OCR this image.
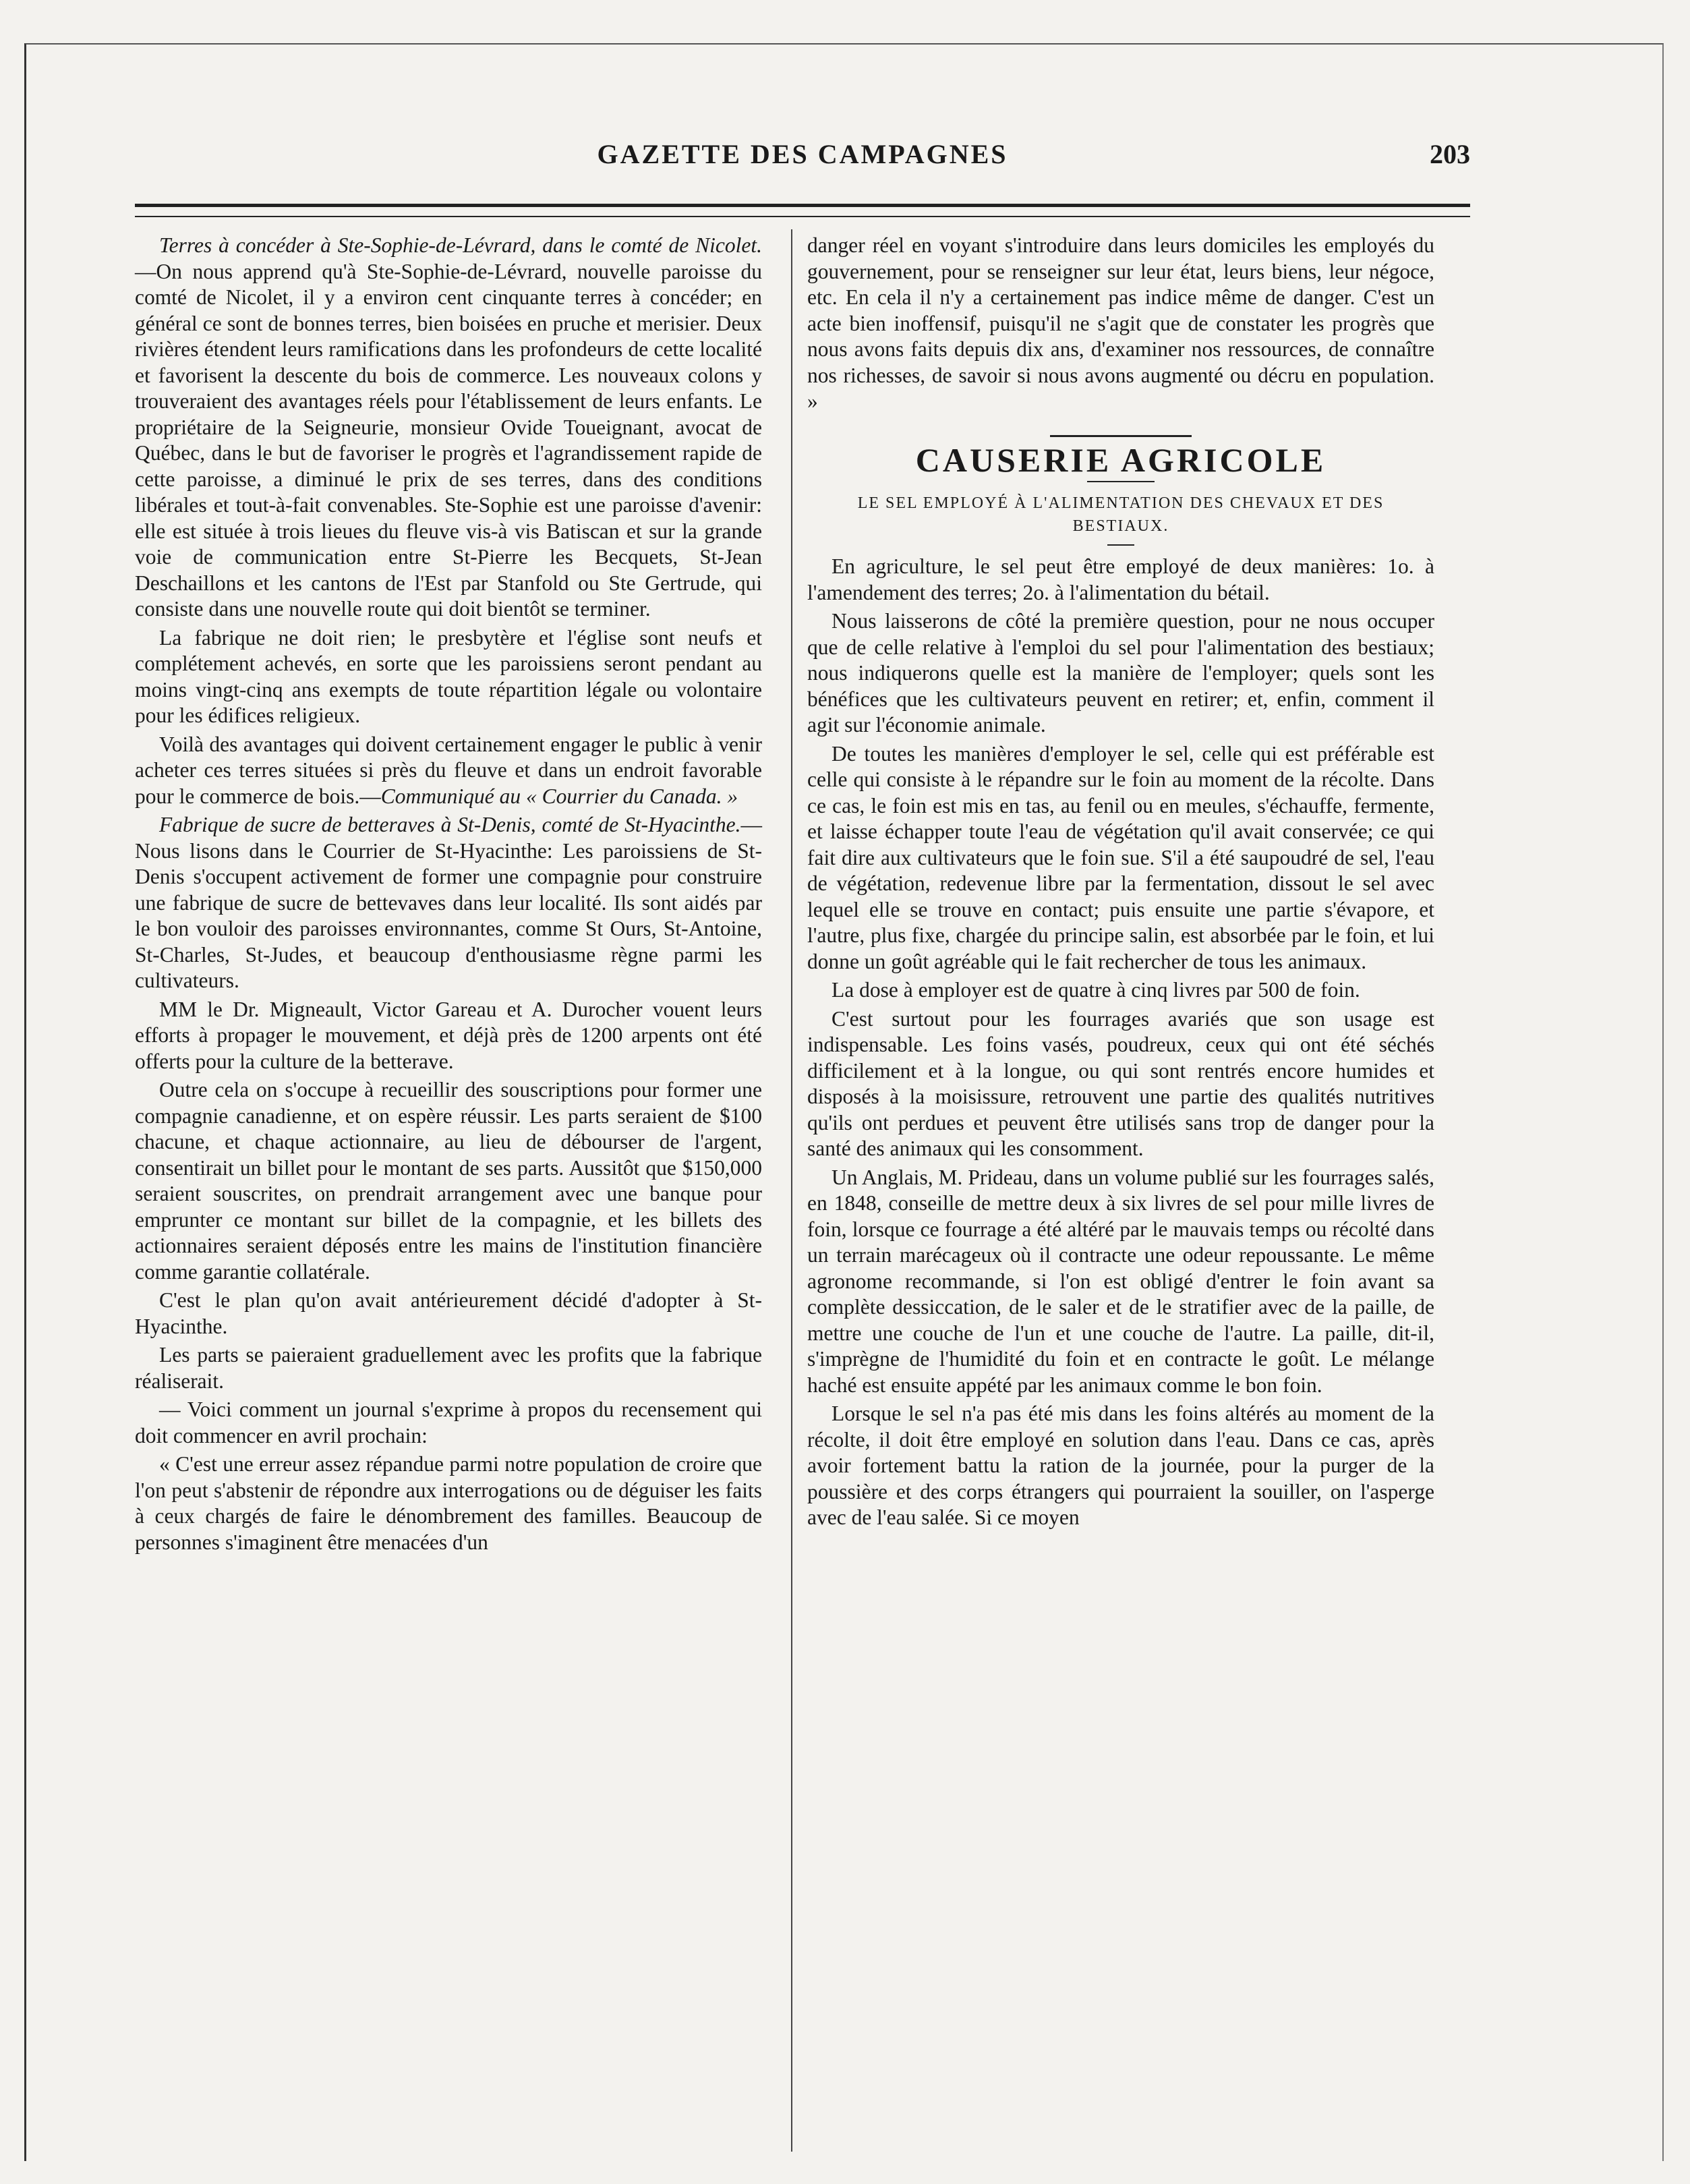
GAZETTE DES CAMPAGNES	203

Terres à concéder à Ste-Sophie-de-Lévrard, dans le comté de Nicolet.—On nous apprend qu'à Ste-Sophie-de-Lévrard, nouvelle paroisse du comté de Nicolet, il y a environ cent cinquante terres à concéder; en général ce sont de bonnes terres, bien boisées en pruche et merisier. Deux rivières étendent leurs ramifications dans les profondeurs de cette localité et favorisent la descente du bois de commerce. Les nouveaux colons y trouveraient des avantages réels pour l'établissement de leurs enfants. Le propriétaire de la Seigneurie, monsieur Ovide Toueignant, avocat de Québec, dans le but de favoriser le progrès et l'agrandissement rapide de cette paroisse, a diminué le prix de ses terres, dans des conditions libérales et tout-à-fait convenables. Ste-Sophie est une paroisse d'avenir: elle est située à trois lieues du fleuve vis-à vis Batiscan et sur la grande voie de communication entre St-Pierre les Becquets, St-Jean Deschaillons et les cantons de l'Est par Stanfold ou Ste Gertrude, qui consiste dans une nouvelle route qui doit bientôt se terminer.

La fabrique ne doit rien; le presbytère et l'église sont neufs et complétement achevés, en sorte que les paroissiens seront pendant au moins vingt-cinq ans exempts de toute répartition légale ou volontaire pour les édifices religieux.

Voilà des avantages qui doivent certainement engager le public à venir acheter ces terres situées si près du fleuve et dans un endroit favorable pour le commerce de bois.—Communiqué au « Courrier du Canada. »

Fabrique de sucre de betteraves à St-Denis, comté de St-Hyacinthe.— Nous lisons dans le Courrier de St-Hyacinthe: Les paroissiens de St-Denis s'occupent activement de former une compagnie pour construire une fabrique de sucre de bettevaves dans leur localité. Ils sont aidés par le bon vouloir des paroisses environnantes, comme St Ours, St-Antoine, St-Charles, St-Judes, et beaucoup d'enthousiasme règne parmi les cultivateurs.

MM le Dr. Migneault, Victor Gareau et A. Durocher vouent leurs efforts à propager le mouvement, et déjà près de 1200 arpents ont été offerts pour la culture de la betterave.

Outre cela on s'occupe à recueillir des souscriptions pour former une compagnie canadienne, et on espère réussir. Les parts seraient de $100 chacune, et chaque actionnaire, au lieu de débourser de l'argent, consentirait un billet pour le montant de ses parts. Aussitôt que $150,000 seraient souscrites, on prendrait arrangement avec une banque pour emprunter ce montant sur billet de la compagnie, et les billets des actionnaires seraient déposés entre les mains de l'institution financière comme garantie collatérale.

C'est le plan qu'on avait antérieurement décidé d'adopter à St-Hyacinthe.

Les parts se paieraient graduellement avec les profits que la fabrique réaliserait.

— Voici comment un journal s'exprime à propos du recensement qui doit commencer en avril prochain:

« C'est une erreur assez répandue parmi notre population de croire que l'on peut s'abstenir de répondre aux interrogations ou de déguiser les faits à ceux chargés de faire le dénombrement des familles. Beaucoup de personnes s'imaginent être menacées d'un

danger réel en voyant s'introduire dans leurs domiciles les employés du gouvernement, pour se renseigner sur leur état, leurs biens, leur négoce, etc. En cela il n'y a certainement pas indice même de danger. C'est un acte bien inoffensif, puisqu'il ne s'agit que de constater les progrès que nous avons faits depuis dix ans, d'examiner nos ressources, de connaître nos richesses, de savoir si nous avons augmenté ou décru en population. »

CAUSERIE AGRICOLE
LE SEL EMPLOYÉ À L'ALIMENTATION DES CHEVAUX ET DES BESTIAUX.

En agriculture, le sel peut être employé de deux manières: 1o. à l'amendement des terres; 2o. à l'alimentation du bétail.

Nous laisserons de côté la première question, pour ne nous occuper que de celle relative à l'emploi du sel pour l'alimentation des bestiaux; nous indiquerons quelle est la manière de l'employer; quels sont les bénéfices que les cultivateurs peuvent en retirer; et, enfin, comment il agit sur l'économie animale.

De toutes les manières d'employer le sel, celle qui est préférable est celle qui consiste à le répandre sur le foin au moment de la récolte. Dans ce cas, le foin est mis en tas, au fenil ou en meules, s'échauffe, fermente, et laisse échapper toute l'eau de végétation qu'il avait conservée; ce qui fait dire aux cultivateurs que le foin sue. S'il a été saupoudré de sel, l'eau de végétation, redevenue libre par la fermentation, dissout le sel avec lequel elle se trouve en contact; puis ensuite une partie s'évapore, et l'autre, plus fixe, chargée du principe salin, est absorbée par le foin, et lui donne un goût agréable qui le fait rechercher de tous les animaux.

La dose à employer est de quatre à cinq livres par 500 de foin.

C'est surtout pour les fourrages avariés que son usage est indispensable. Les foins vasés, poudreux, ceux qui ont été séchés difficilement et à la longue, ou qui sont rentrés encore humides et disposés à la moisissure, retrouvent une partie des qualités nutritives qu'ils ont perdues et peuvent être utilisés sans trop de danger pour la santé des animaux qui les consomment.

Un Anglais, M. Prideau, dans un volume publié sur les fourrages salés, en 1848, conseille de mettre deux à six livres de sel pour mille livres de foin, lorsque ce fourrage a été altéré par le mauvais temps ou récolté dans un terrain marécageux où il contracte une odeur repoussante. Le même agronome recommande, si l'on est obligé d'entrer le foin avant sa complète dessiccation, de le saler et de le stratifier avec de la paille, de mettre une couche de l'un et une couche de l'autre. La paille, dit-il, s'imprègne de l'humidité du foin et en contracte le goût. Le mélange haché est ensuite appété par les animaux comme le bon foin.

Lorsque le sel n'a pas été mis dans les foins altérés au moment de la récolte, il doit être employé en solution dans l'eau. Dans ce cas, après avoir fortement battu la ration de la journée, pour la purger de la poussière et des corps étrangers qui pourraient la souiller, on l'asperge avec de l'eau salée. Si ce moyen
